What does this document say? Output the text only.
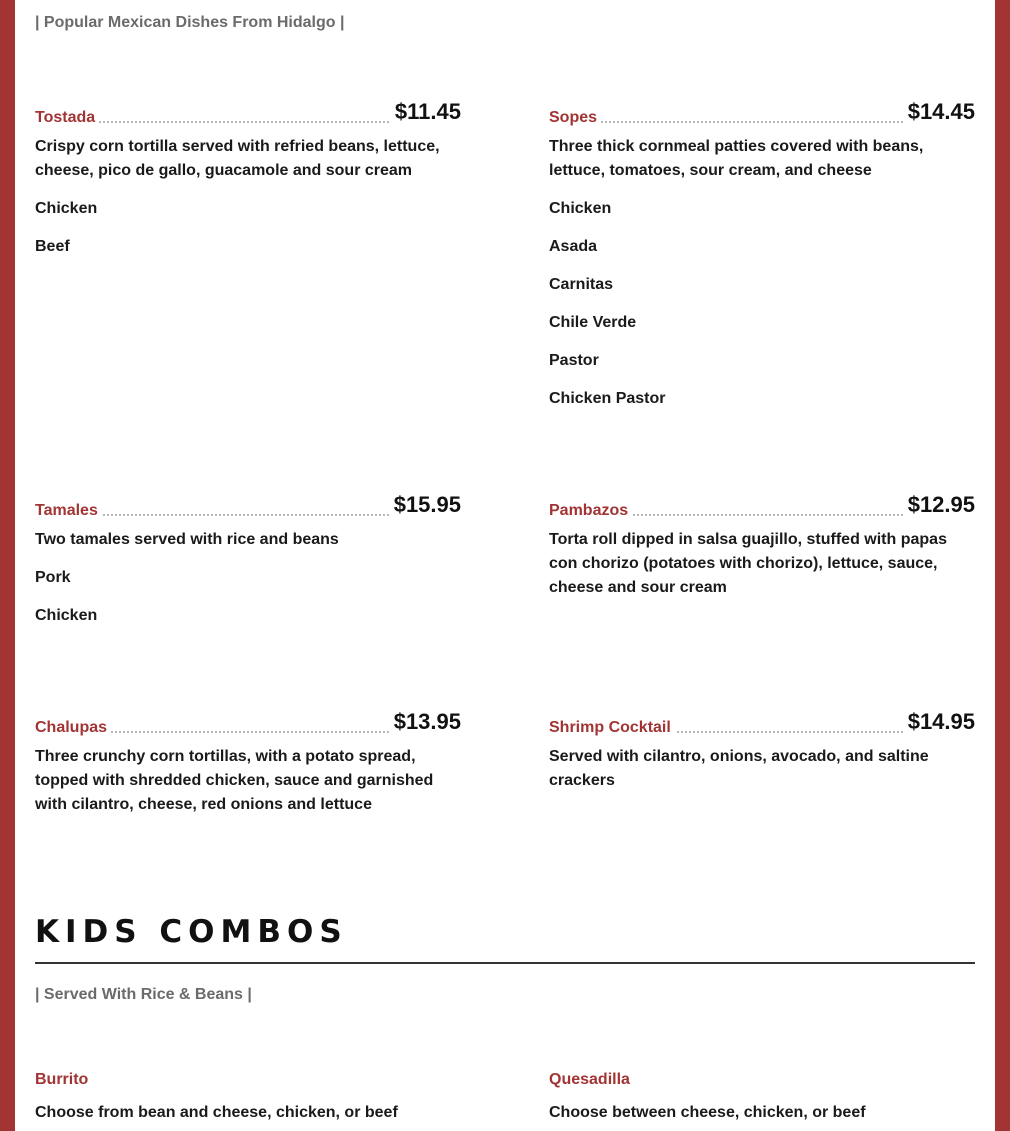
| Popular Mexican Dishes From Hidalgo |
Tostada	$11.45
Crispy corn tortilla served with refried beans, lettuce, cheese, pico de gallo, guacamole and sour cream
Chicken
Beef
Sopes	$14.45
Three thick cornmeal patties covered with beans, lettuce, tomatoes, sour cream, and cheese
Chicken
Asada
Carnitas
Chile Verde
Pastor
Chicken Pastor
Tamales	$15.95
Two tamales served with rice and beans
Pork
Chicken
Pambazos	$12.95
Torta roll dipped in salsa guajillo, stuffed with papas con chorizo (potatoes with chorizo), lettuce, sauce, cheese and sour cream
Chalupas	$13.95
Three crunchy corn tortillas, with a potato spread, topped with shredded chicken, sauce and garnished with cilantro, cheese, red onions and lettuce
Shrimp Cocktail	$14.95
Served with cilantro, onions, avocado, and saltine crackers
KIDS COMBOS
| Served With Rice & Beans |
Burrito
Choose from bean and cheese, chicken, or beef
Quesadilla
Choose between cheese, chicken, or beef
